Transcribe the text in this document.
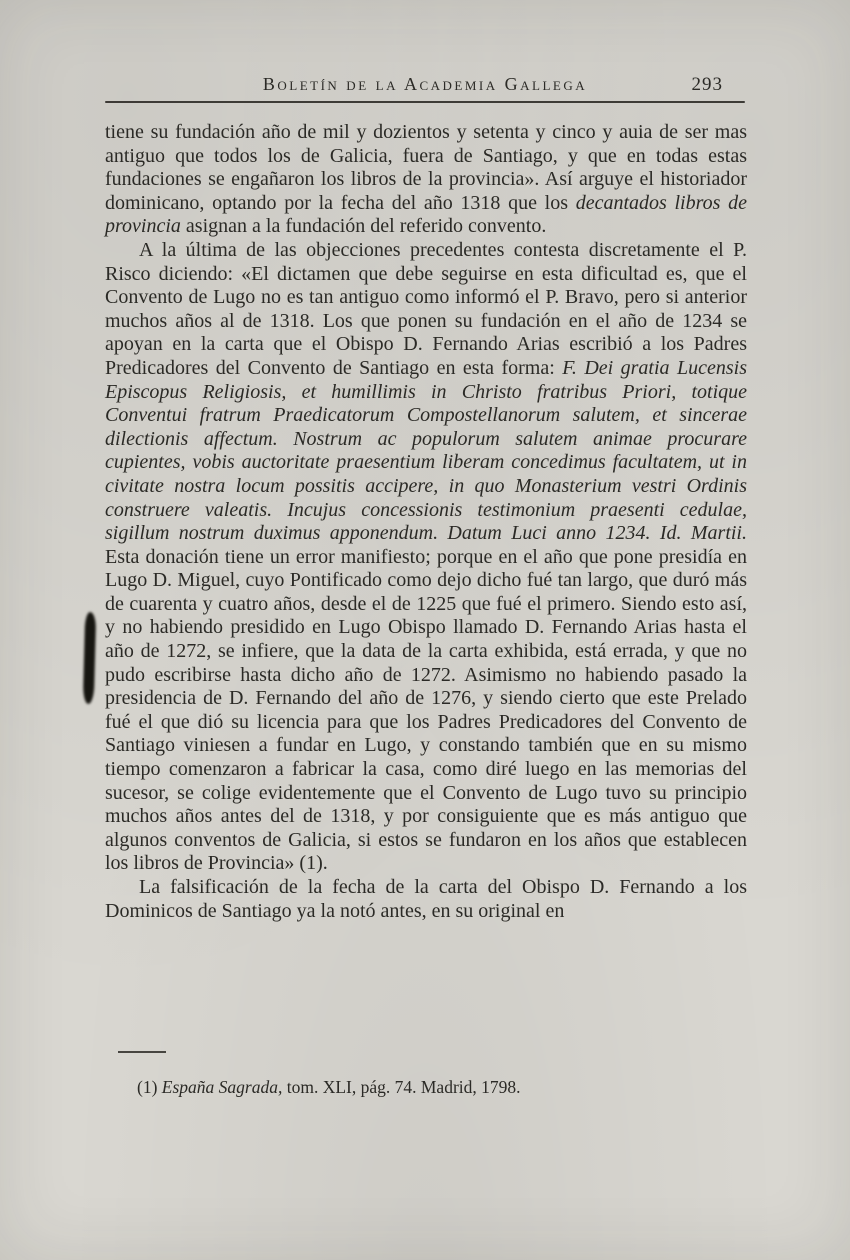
Boletín de la Academia Gallega	293

tiene su fundación año de mil y dozientos y setenta y cinco y auia de ser mas antiguo que todos los de Galicia, fuera de Santiago, y que en todas estas fundaciones se engañaron los libros de la provincia». Así arguye el historiador dominicano, optando por la fecha del año 1318 que los decantados libros de provincia asignan a la fundación del referido convento.

A la última de las objecciones precedentes contesta discretamente el P. Risco diciendo: «El dictamen que debe seguirse en esta dificultad es, que el Convento de Lugo no es tan antiguo como informó el P. Bravo, pero si anterior muchos años al de 1318. Los que ponen su fundación en el año de 1234 se apoyan en la carta que el Obispo D. Fernando Arias escribió a los Padres Predicadores del Convento de Santiago en esta forma: F. Dei gratia Lucensis Episcopus Religiosis, et humillimis in Christo fratribus Priori, totique Conventui fratrum Praedicatorum Compostellanorum salutem, et sincerae dilectionis affectum. Nostrum ac populorum salutem animae procurare cupientes, vobis auctoritate praesentium liberam concedimus facultatem, ut in civitate nostra locum possitis accipere, in quo Monasterium vestri Ordinis construere valeatis. Incujus concessionis testimonium praesenti cedulae, sigillum nostrum duximus apponendum. Datum Luci anno 1234. Id. Martii. Esta donación tiene un error manifiesto; porque en el año que pone presidía en Lugo D. Miguel, cuyo Pontificado como dejo dicho fué tan largo, que duró más de cuarenta y cuatro años, desde el de 1225 que fué el primero. Siendo esto así, y no habiendo presidido en Lugo Obispo llamado D. Fernando Arias hasta el año de 1272, se infiere, que la data de la carta exhibida, está errada, y que no pudo escribirse hasta dicho año de 1272. Asimismo no habiendo pasado la presidencia de D. Fernando del año de 1276, y siendo cierto que este Prelado fué el que dió su licencia para que los Padres Predicadores del Convento de Santiago viniesen a fundar en Lugo, y constando también que en su mismo tiempo comenzaron a fabricar la casa, como diré luego en las memorias del sucesor, se colige evidentemente que el Convento de Lugo tuvo su principio muchos años antes del de 1318, y por consiguiente que es más antiguo que algunos conventos de Galicia, si estos se fundaron en los años que establecen los libros de Provincia» (1).

La falsificación de la fecha de la carta del Obispo D. Fernando a los Dominicos de Santiago ya la notó antes, en su original en

(1) España Sagrada, tom. XLI, pág. 74. Madrid, 1798.
